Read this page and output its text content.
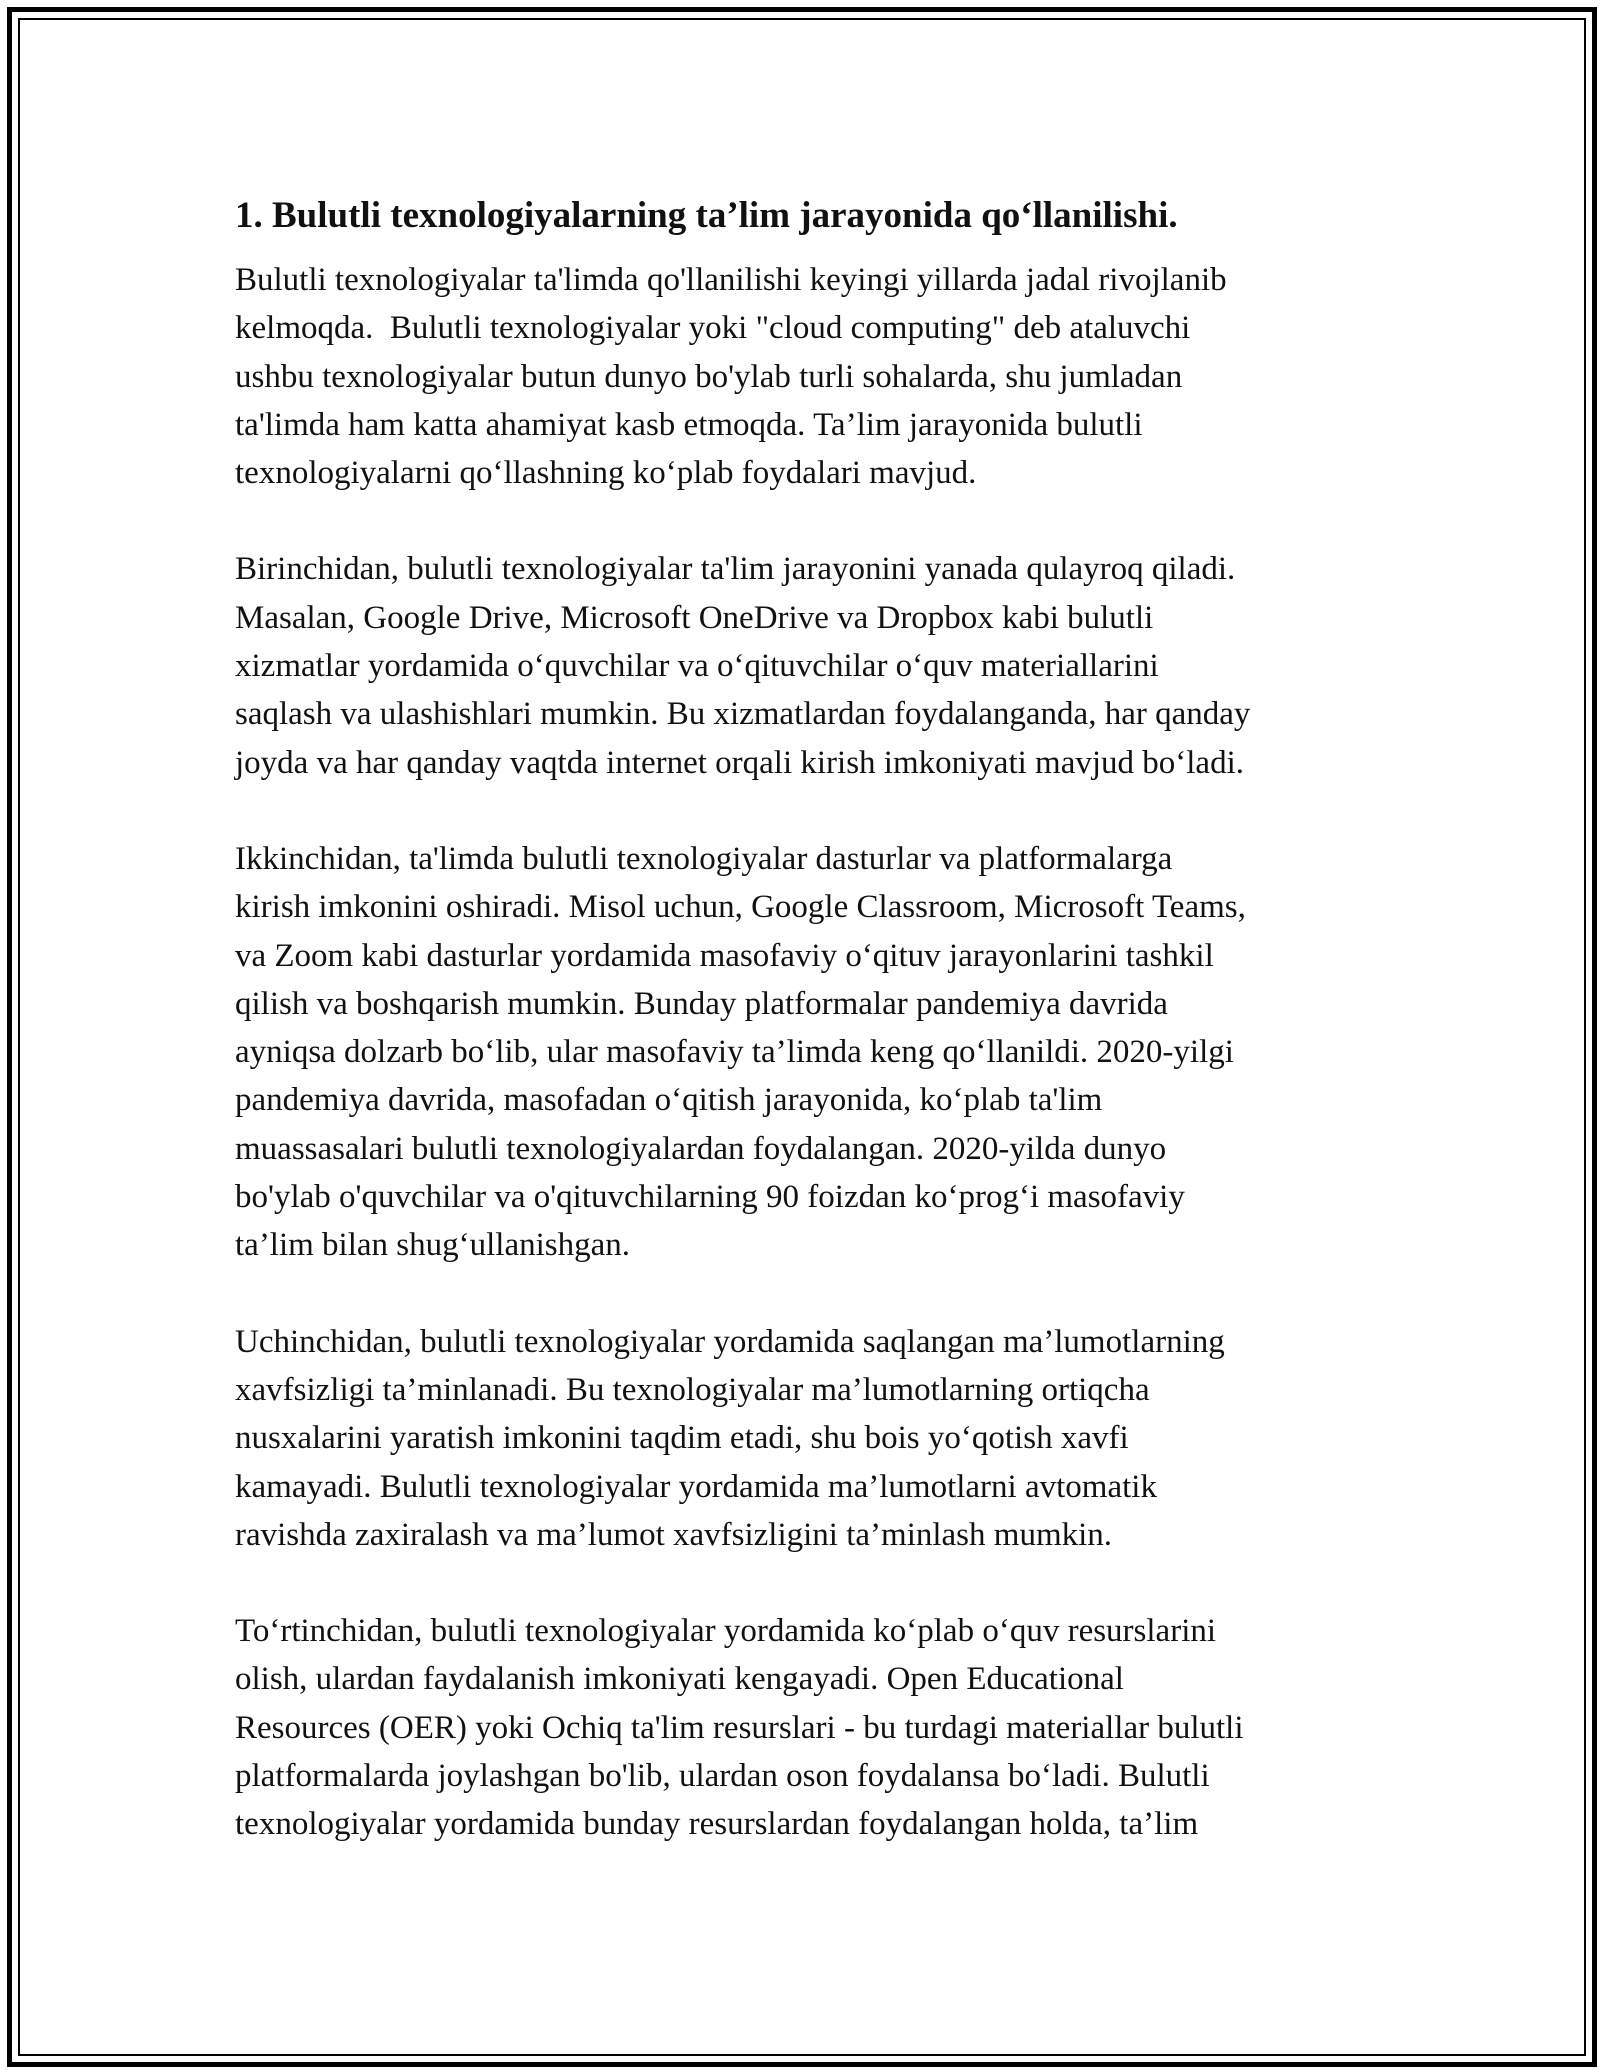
1. Bulutli texnologiyalarning ta’lim jarayonida qo‘llanilishi.
Bulutli texnologiyalar ta'limda qo'llanilishi keyingi yillarda jadal rivojlanib
kelmoqda.  Bulutli texnologiyalar yoki "cloud computing" deb ataluvchi
ushbu texnologiyalar butun dunyo bo'ylab turli sohalarda, shu jumladan
ta'limda ham katta ahamiyat kasb etmoqda. Ta’lim jarayonida bulutli
texnologiyalarni qo‘llashning ko‘plab foydalari mavjud.
Birinchidan, bulutli texnologiyalar ta'lim jarayonini yanada qulayroq qiladi.
Masalan, Google Drive, Microsoft OneDrive va Dropbox kabi bulutli
xizmatlar yordamida o‘quvchilar va o‘qituvchilar o‘quv materiallarini
saqlash va ulashishlari mumkin. Bu xizmatlardan foydalanganda, har qanday
joyda va har qanday vaqtda internet orqali kirish imkoniyati mavjud bo‘ladi.
Ikkinchidan, ta'limda bulutli texnologiyalar dasturlar va platformalarga
kirish imkonini oshiradi. Misol uchun, Google Classroom, Microsoft Teams,
va Zoom kabi dasturlar yordamida masofaviy o‘qituv jarayonlarini tashkil
qilish va boshqarish mumkin. Bunday platformalar pandemiya davrida
ayniqsa dolzarb bo‘lib, ular masofaviy ta’limda keng qo‘llanildi. 2020-yilgi
pandemiya davrida, masofadan o‘qitish jarayonida, ko‘plab ta'lim
muassasalari bulutli texnologiyalardan foydalangan. 2020-yilda dunyo
bo'ylab o'quvchilar va o'qituvchilarning 90 foizdan ko‘prog‘i masofaviy
ta’lim bilan shug‘ullanishgan.
Uchinchidan, bulutli texnologiyalar yordamida saqlangan ma’lumotlarning
xavfsizligi ta’minlanadi. Bu texnologiyalar ma’lumotlarning ortiqcha
nusxalarini yaratish imkonini taqdim etadi, shu bois yo‘qotish xavfi
kamayadi. Bulutli texnologiyalar yordamida ma’lumotlarni avtomatik
ravishda zaxiralash va ma’lumot xavfsizligini ta’minlash mumkin.
To‘rtinchidan, bulutli texnologiyalar yordamida ko‘plab o‘quv resurslarini
olish, ulardan faydalanish imkoniyati kengayadi. Open Educational
Resources (OER) yoki Ochiq ta'lim resurslari - bu turdagi materiallar bulutli
platformalarda joylashgan bo'lib, ulardan oson foydalansa bo‘ladi. Bulutli
texnologiyalar yordamida bunday resurslardan foydalangan holda, ta’lim
